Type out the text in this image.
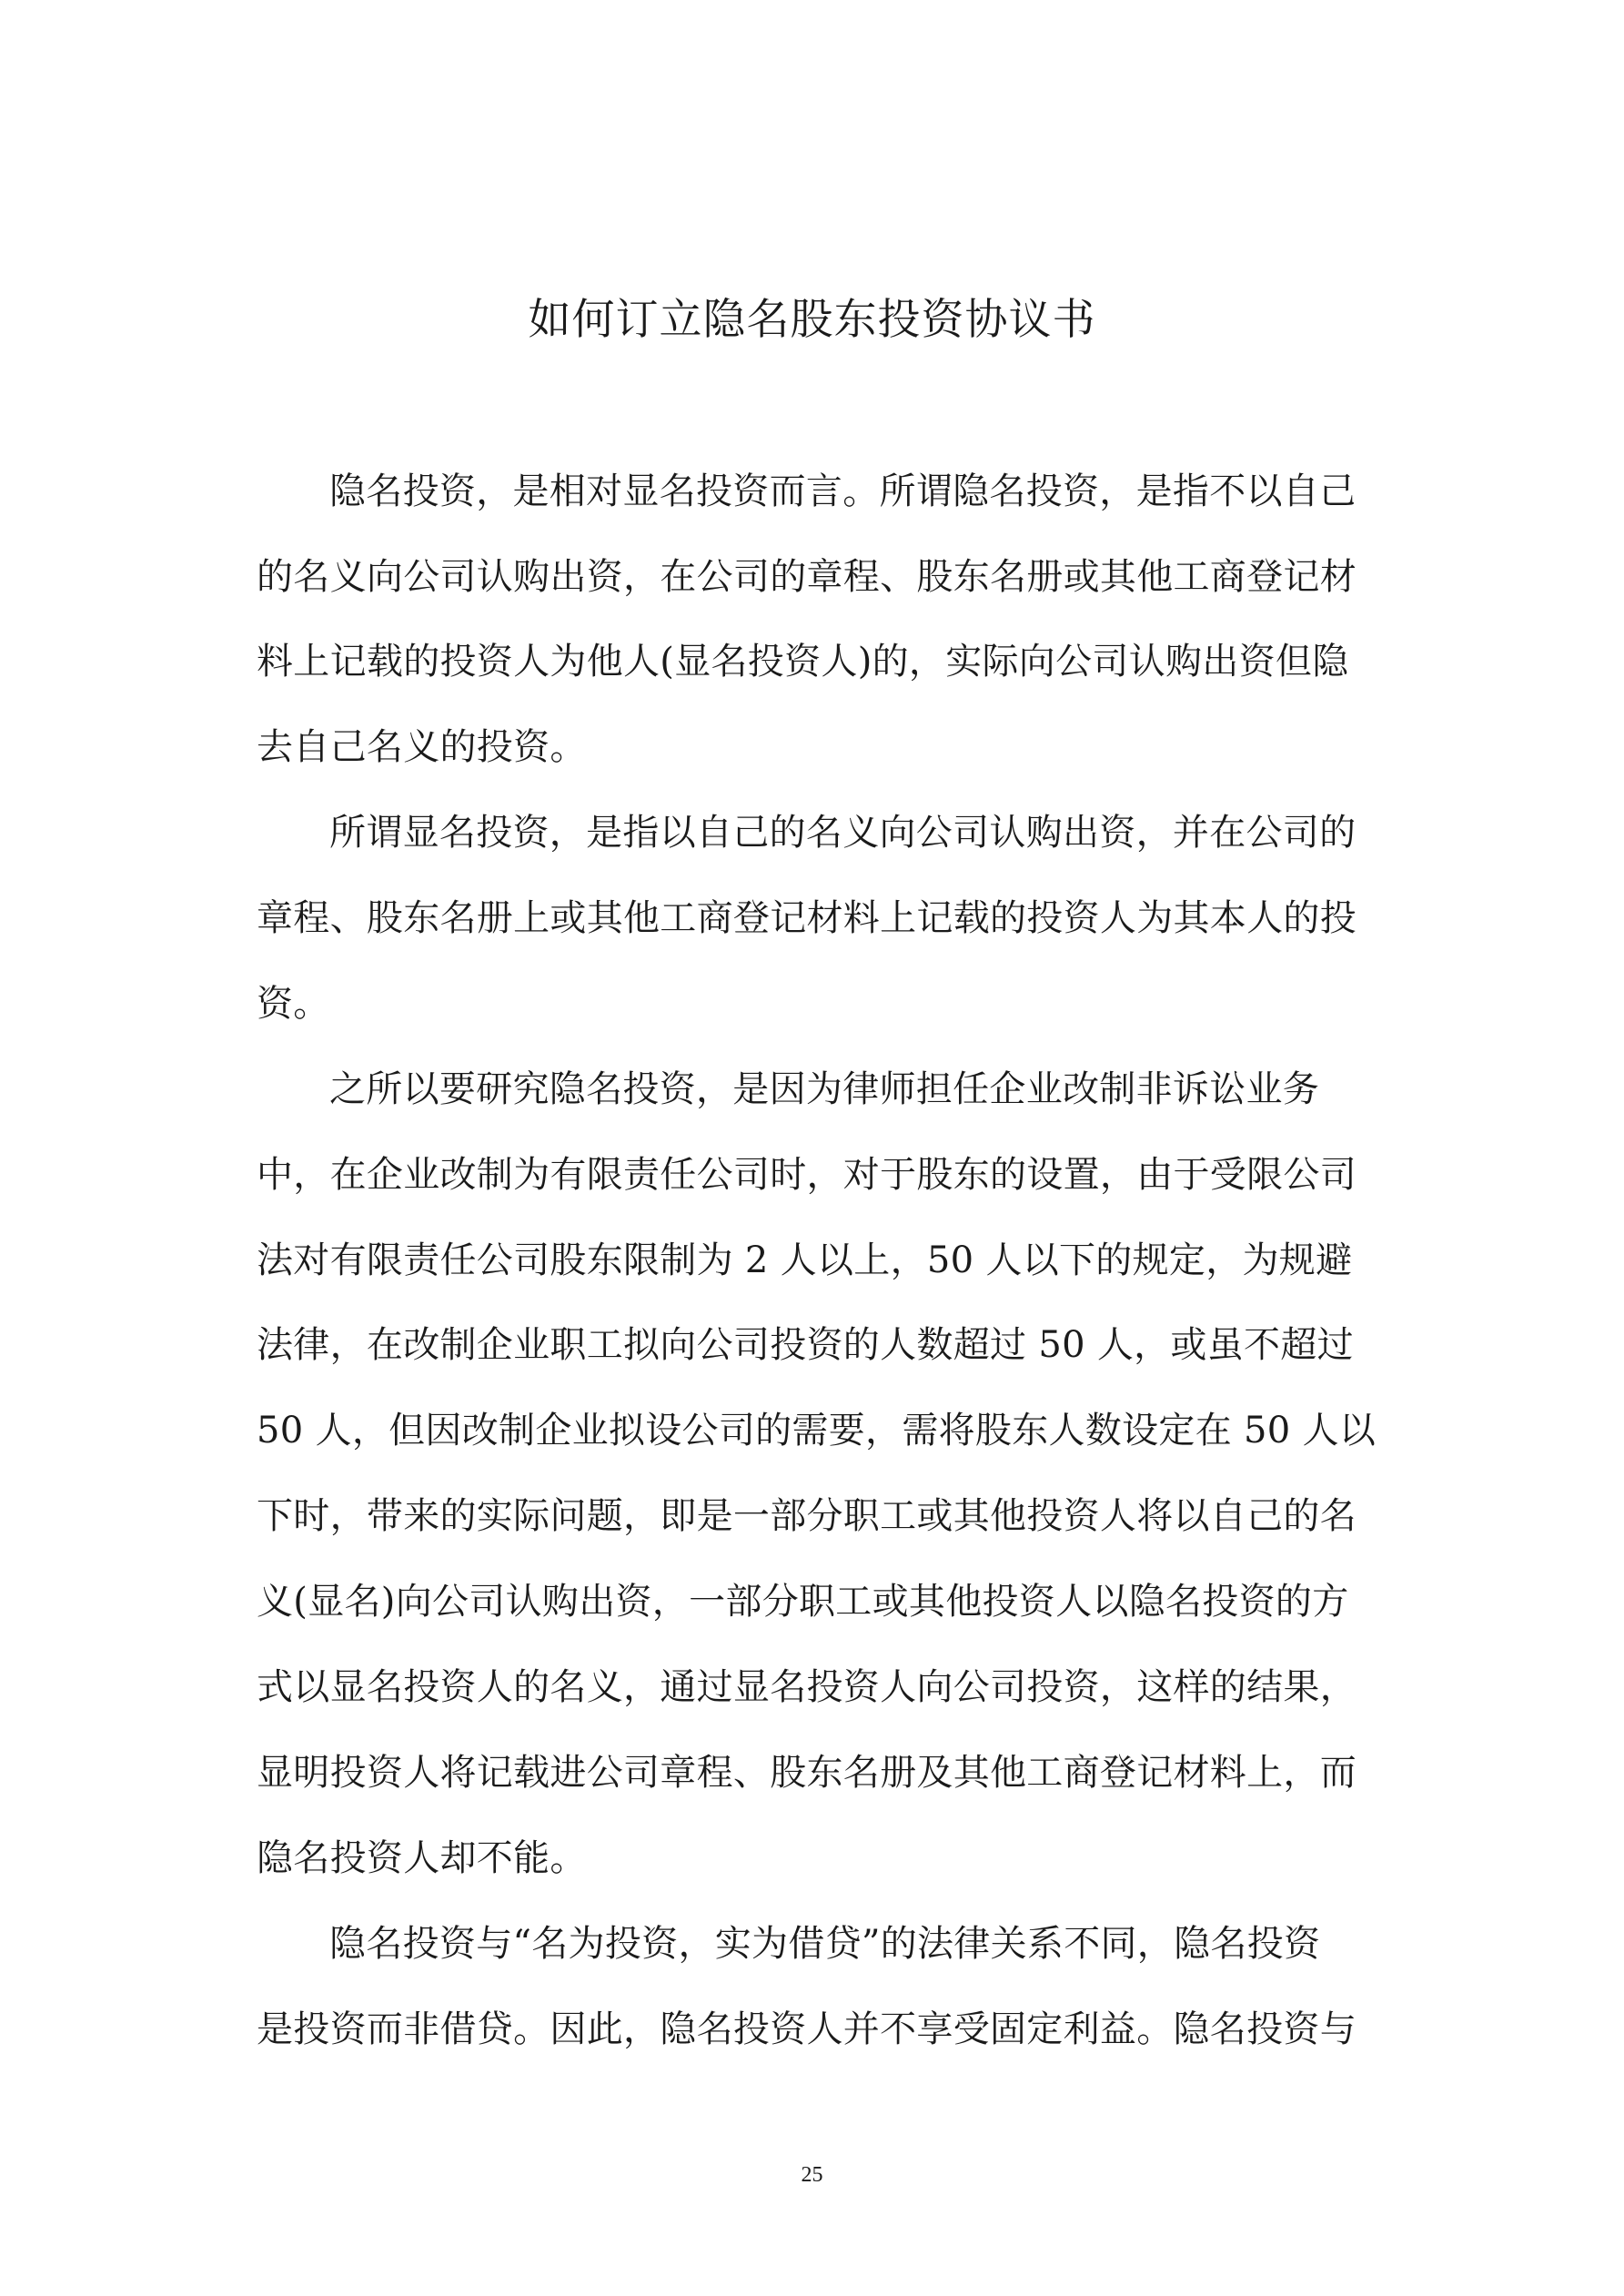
如何订立隐名股东投资协议书
隐名投资，是相对显名投资而言。所谓隐名投资，是指不以自己
的名义向公司认购出资，在公司的章程、股东名册或其他工商登记材
料上记载的投资人为他人(显名投资人)的，实际向公司认购出资但隐
去自己名义的投资。
所谓显名投资，是指以自己的名义向公司认购出资，并在公司的
章程、股东名册上或其他工商登记材料上记载的投资人为其本人的投
资。
之所以要研究隐名投资，是因为律师担任企业改制非诉讼业务
中，在企业改制为有限责任公司时，对于股东的设置，由于受限公司
法对有限责任公司股东限制为 2 人以上，50 人以下的规定，为规避
法律，在改制企业职工拟向公司投资的人数超过 50 人，或虽不超过
50 人，但因改制企业拟设公司的需要，需将股东人数设定在 50 人以
下时，带来的实际问题，即是一部分职工或其他投资人将以自己的名
义(显名)向公司认购出资，一部分职工或其他投资人以隐名投资的方
式以显名投资人的名义，通过显名投资人向公司投资，这样的结果，
显明投资人将记载进公司章程、股东名册及其他工商登记材料上，而
隐名投资人却不能。
隐名投资与“名为投资，实为借贷”的法律关系不同，隐名投资
是投资而非借贷。因此，隐名投资人并不享受固定利益。隐名投资与
25
